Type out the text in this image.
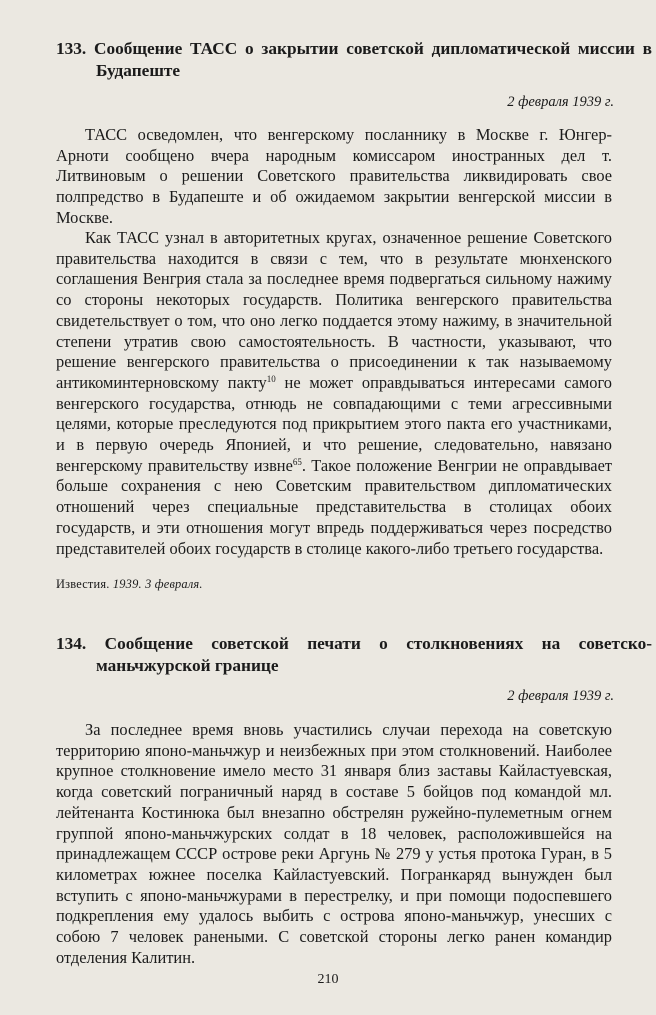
133. Сообщение ТАСС о закрытии советской дипломатической миссии в Будапеште
2 февраля 1939 г.
ТАСС осведомлен, что венгерскому посланнику в Москве г. Юнгер-Арноти сообщено вчера народным комиссаром иностранных дел т. Литвиновым о решении Советского правительства ликвидировать свое полпредство в Будапеште и об ожидаемом закрытии венгерской миссии в Москве.
Как ТАСС узнал в авторитетных кругах, означенное решение Советского правительства находится в связи с тем, что в результате мюнхенского соглашения Венгрия стала за последнее время подвергаться сильному нажиму со стороны некоторых государств. Политика венгерского правительства свидетельствует о том, что оно легко поддается этому нажиму, в значительной степени утратив свою самостоятельность. В частности, указывают, что решение венгерского правительства о присоединении к так называемому антикоминтерновскому пакту$^{10}$ не может оправдываться интересами самого венгерского государства, отнюдь не совпадающими с теми агрессивными целями, которые преследуются под прикрытием этого пакта его участниками, и в первую очередь Японией, и что решение, следовательно, навязано венгерскому правительству извне$^{65}$. Такое положение Венгрии не оправдывает больше сохранения с нею Советским правительством дипломатических отношений через специальные представительства в столицах обоих государств, и эти отношения могут впредь поддерживаться через посредство представителей обоих государств в столице какого-либо третьего государства.
Известия. 1939. 3 февраля.
134. Сообщение советской печати о столкновениях на советско-маньчжурской границе
2 февраля 1939 г.
За последнее время вновь участились случаи перехода на советскую территорию японо-маньчжур и неизбежных при этом столкновений. Наиболее крупное столкновение имело место 31 января близ заставы Кайластуевская, когда советский пограничный наряд в составе 5 бойцов под командой мл. лейтенанта Костинюка был внезапно обстрелян ружейно-пулеметным огнем группой японо-маньчжурских солдат в 18 человек, расположившейся на принадлежащем СССР острове реки Аргунь № 279 у устья протока Гуран, в 5 километрах южнее поселка Кайластуевский. Погранкаряд вынужден был вступить с японо-маньчжурами в перестрелку, и при помощи подоспевшего подкрепления ему удалось выбить с острова японо-маньчжур, унесших с собою 7 человек ранеными. С советской стороны легко ранен командир отделения Калитин.
210
